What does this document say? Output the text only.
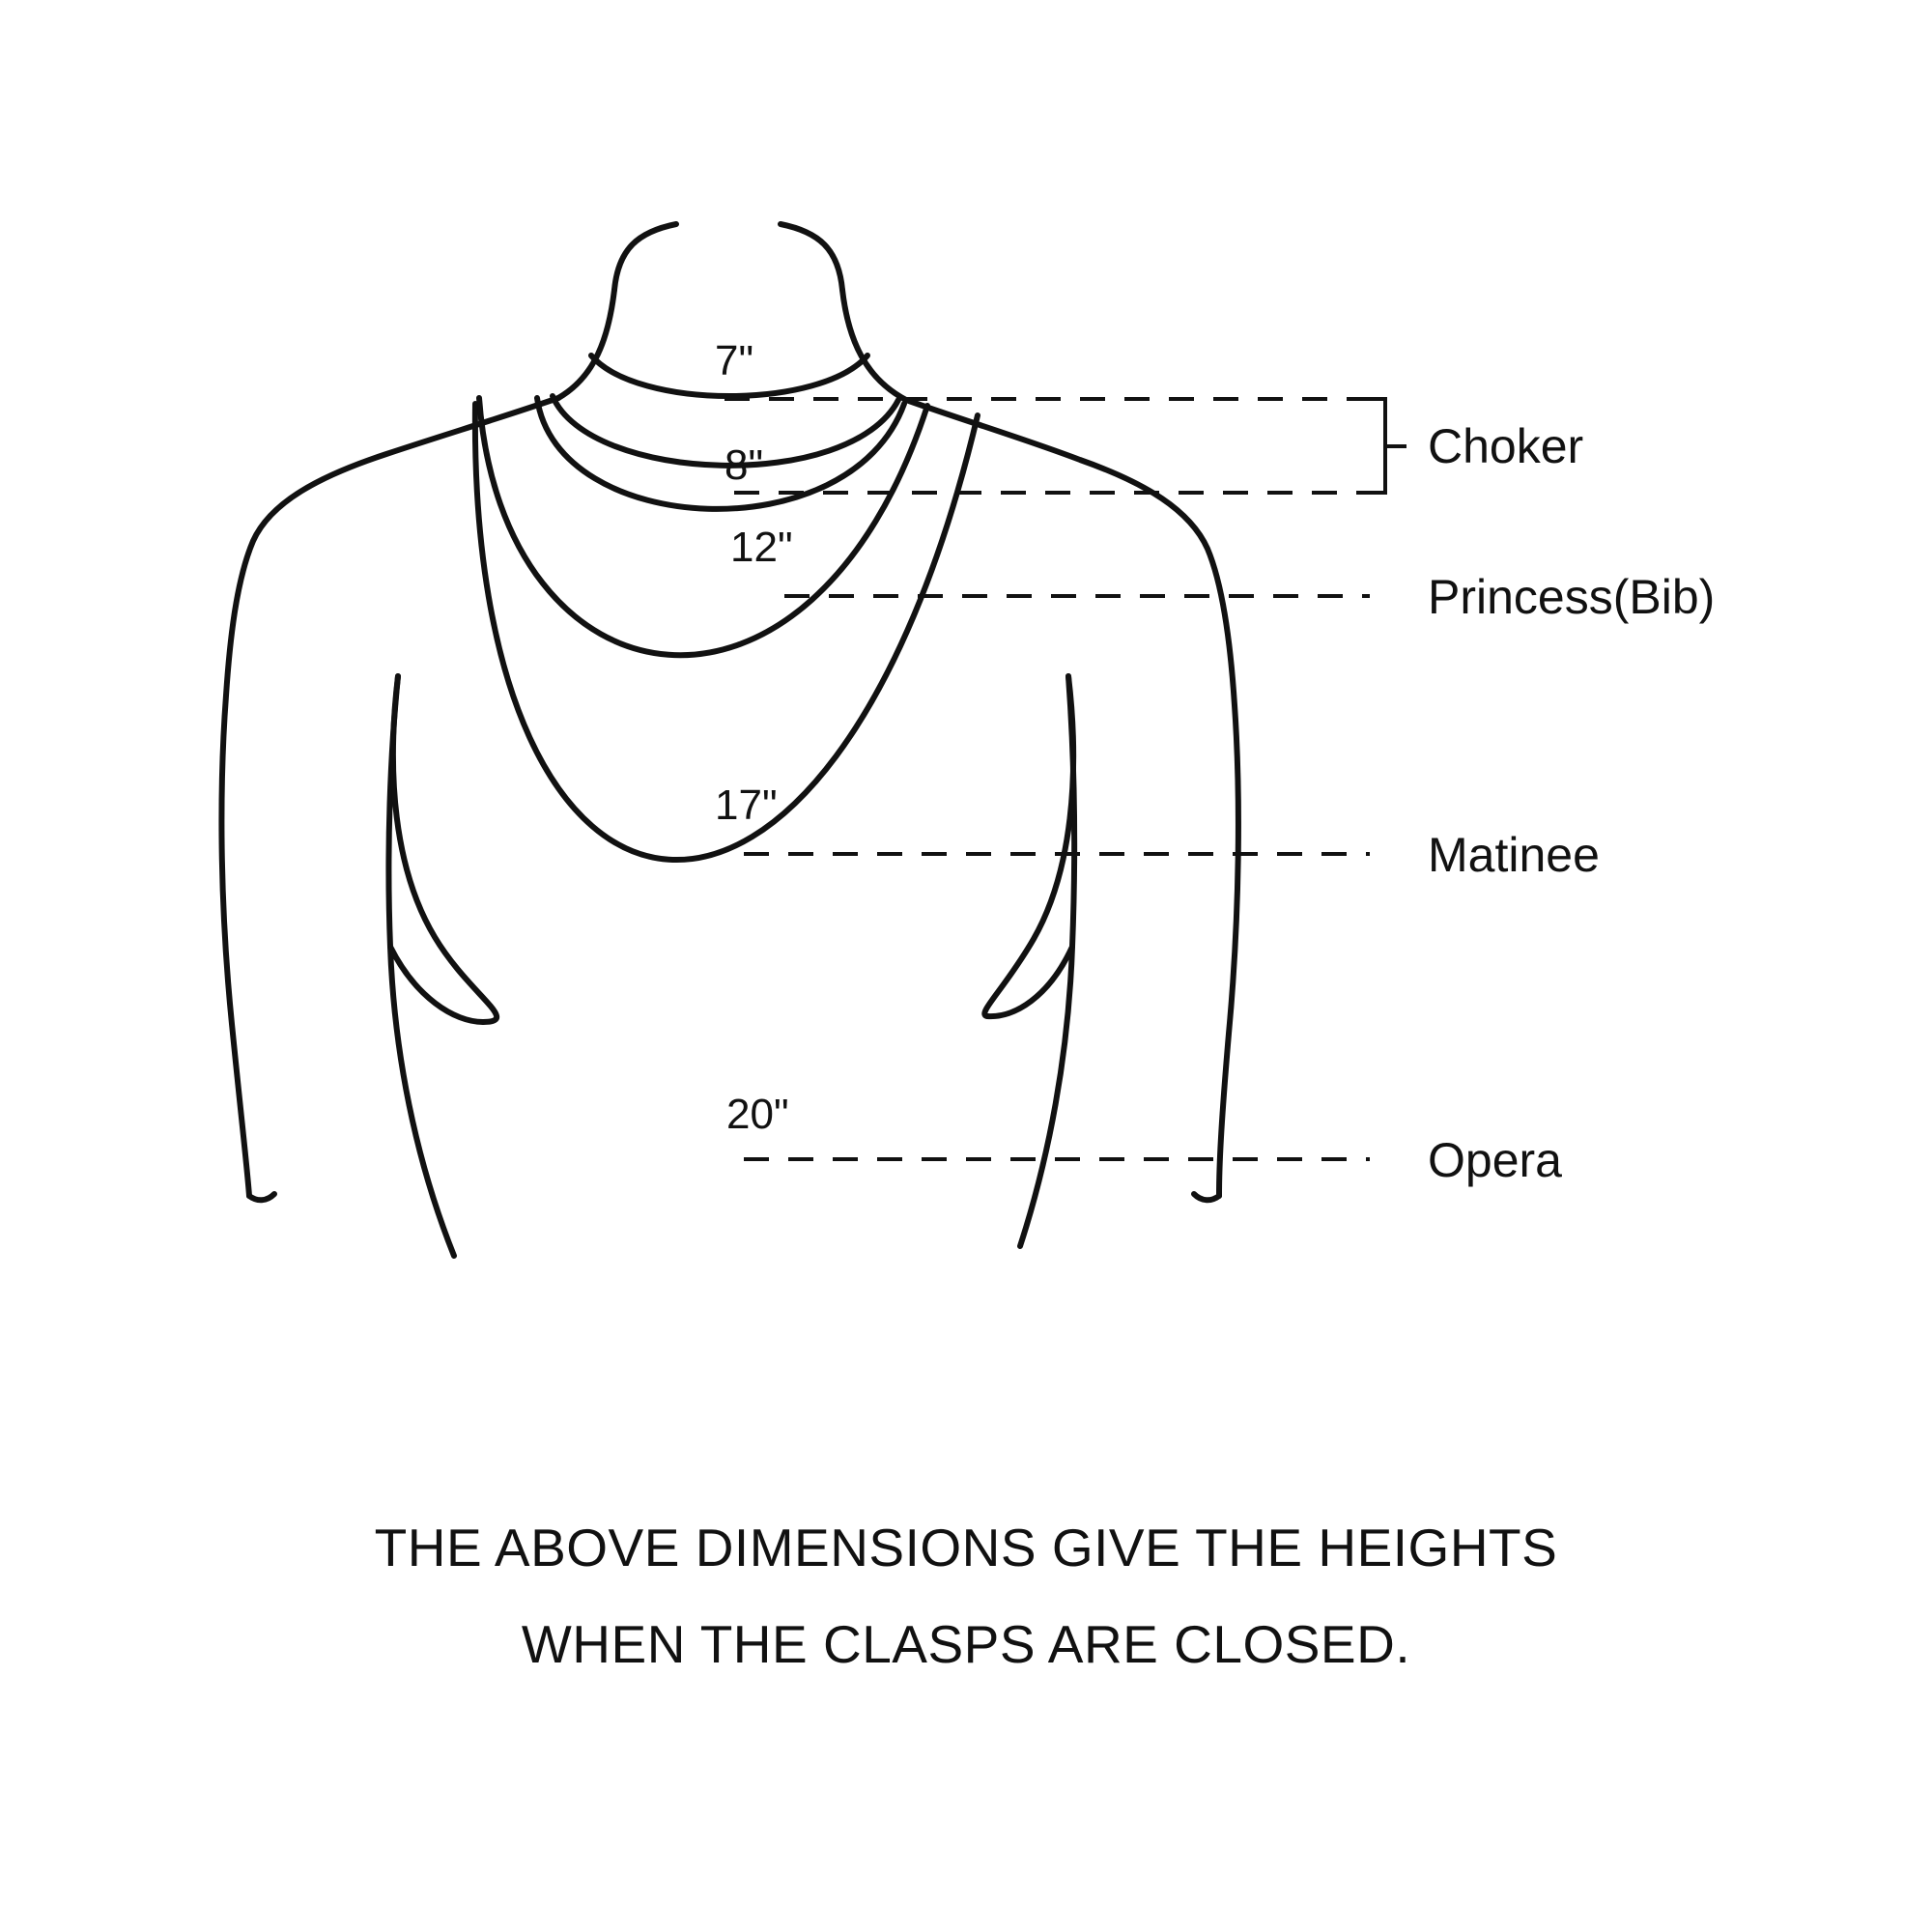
7"
8"
12"
17"
20"
Choker
Princess(Bib)
Matinee
Opera
THE ABOVE DIMENSIONS GIVE THE HEIGHTS
WHEN THE CLASPS ARE CLOSED.
